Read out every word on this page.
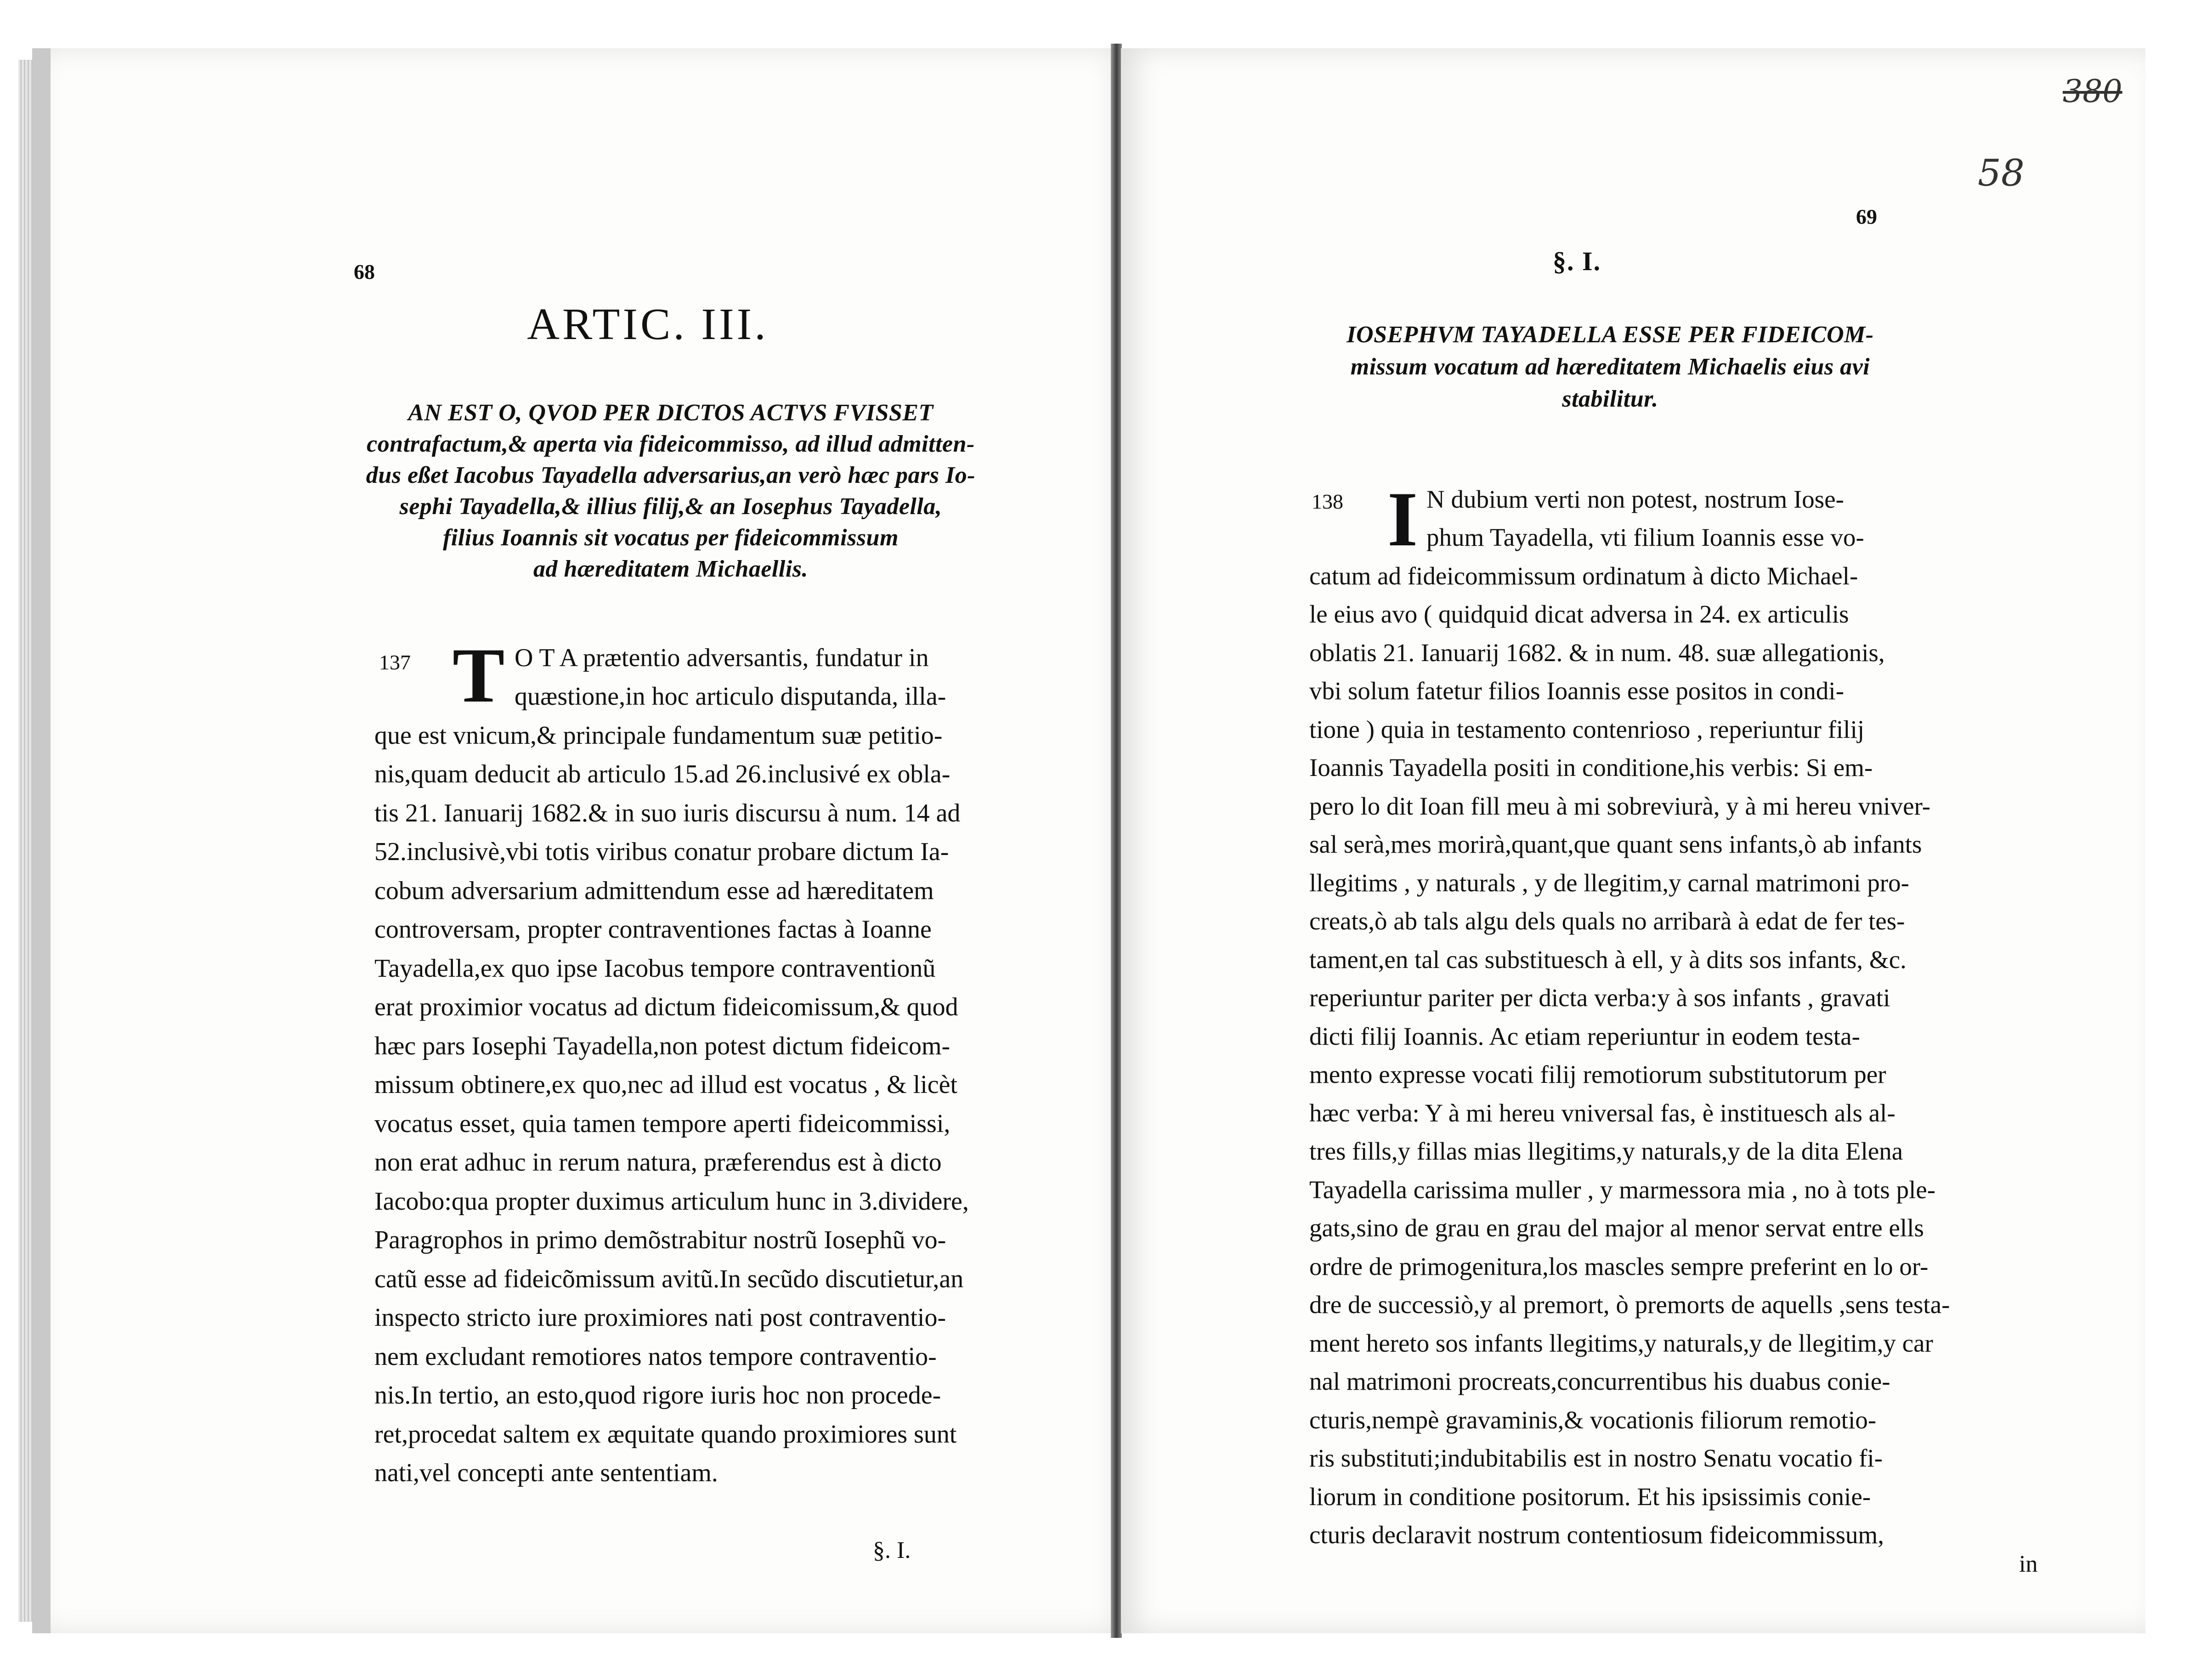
68
ARTIC. III.
AN EST O, QVOD PER DICTOS ACTVS FVISSET
contrafactum,& aperta via fideicommisso, ad illud admitten-
dus eßet Iacobus Tayadella adversarius,an verò hæc pars Io-
sephi Tayadella,& illius filij,& an Iosephus Tayadella,
filius Ioannis sit vocatus per fideicommissum
ad hæreditatem Michaellis.
137 T O T A prætentio adversantis, fundatur in
quæstione,in hoc articulo disputanda, illa-
que est vnicum,& principale fundamentum suæ petitio-
nis,quam deducit ab articulo 15.ad 26.inclusivé ex obla-
tis 21. Ianuarij 1682.& in suo iuris discursu à num. 14 ad
52.inclusivè,vbi totis viribus conatur probare dictum Ia-
cobum adversarium admittendum esse ad hæreditatem
controversam, propter contraventiones factas à Ioanne
Tayadella,ex quo ipse Iacobus tempore contraventionũ
erat proximior vocatus ad dictum fideicomissum,& quod
hæc pars Iosephi Tayadella,non potest dictum fideicom-
missum obtinere,ex quo,nec ad illud est vocatus , & licèt
vocatus esset, quia tamen tempore aperti fideicommissi,
non erat adhuc in rerum natura, præferendus est à dicto
Iacobo:qua propter duximus articulum hunc in 3.dividere,
Paragrophos in primo demõstrabitur nostrũ Iosephũ vo-
catũ esse ad fideicõmissum avitũ.In secũdo discutietur,an
inspecto stricto iure proximiores nati post contraventio-
nem excludant remotiores natos tempore contraventio-
nis.In tertio, an esto,quod rigore iuris hoc non procede-
ret,procedat saltem ex æquitate quando proximiores sunt
nati,vel concepti ante sententiam.
§. I.
69
§. I.
IOSEPHVM TAYADELLA ESSE PER FIDEICOM-
missum vocatum ad hæreditatem Michaelis eius avi
stabilitur.
138 I N dubium verti non potest, nostrum Iose-
phum Tayadella, vti filium Ioannis esse vo-
catum ad fideicommissum ordinatum à dicto Michael-
le eius avo ( quidquid dicat adversa in 24. ex articulis
oblatis 21. Ianuarij 1682. & in num. 48. suæ allegationis,
vbi solum fatetur filios Ioannis esse positos in condi-
tione ) quia in testamento contenrioso , reperiuntur filij
Ioannis Tayadella positi in conditione,his verbis: Si em-
pero lo dit Ioan fill meu à mi sobreviurà, y à mi hereu vniver-
sal serà,mes morirà,quant,que quant sens infants,ò ab infants
llegitims , y naturals , y de llegitim,y carnal matrimoni pro-
creats,ò ab tals algu dels quals no arribarà à edat de fer tes-
tament,en tal cas substituesch à ell, y à dits sos infants, &c.
reperiuntur pariter per dicta verba:y à sos infants , gravati
dicti filij Ioannis. Ac etiam reperiuntur in eodem testa-
mento expresse vocati filij remotiorum substitutorum per
hæc verba: Y à mi hereu vniversal fas, è instituesch als al-
tres fills,y fillas mias llegitims,y naturals,y de la dita Elena
Tayadella carissima muller , y marmessora mia , no à tots ple-
gats,sino de grau en grau del major al menor servat entre ells
ordre de primogenitura,los mascles sempre preferint en lo or-
dre de successiò,y al premort, ò premorts de aquells ,sens testa-
ment hereto sos infants llegitims,y naturals,y de llegitim,y car
nal matrimoni procreats,concurrentibus his duabus conie-
cturis,nempè gravaminis,& vocationis filiorum remotio-
ris substituti;indubitabilis est in nostro Senatu vocatio fi-
liorum in conditione positorum. Et his ipsissimis conie-
cturis declaravit nostrum contentiosum fideicommissum,
in
380
58
